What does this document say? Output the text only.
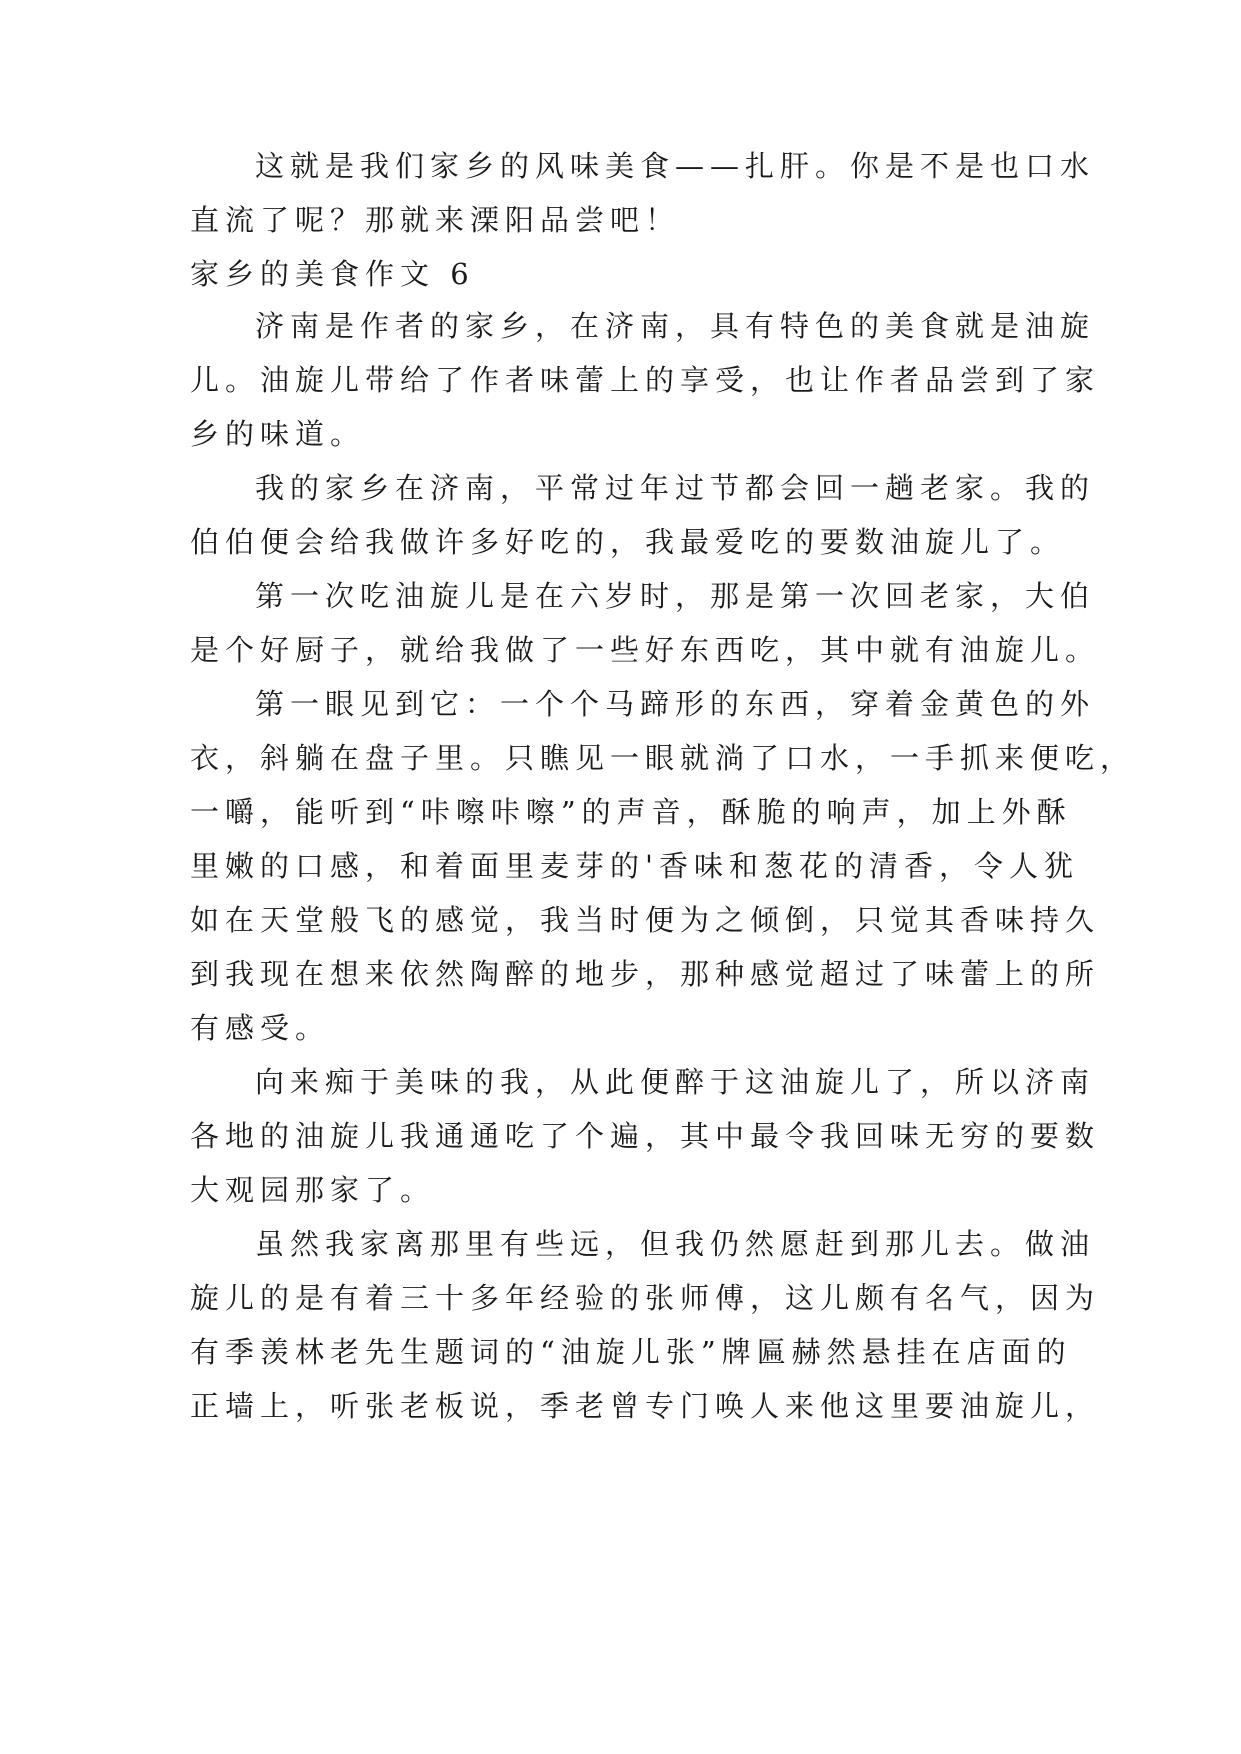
这就是我们家乡的风味美食——扎肝。你是不是也口水

直流了呢？那就来溧阳品尝吧！

家乡的美食作文 6

济南是作者的家乡，在济南，具有特色的美食就是油旋

儿。油旋儿带给了作者味蕾上的享受，也让作者品尝到了家

乡的味道。

我的家乡在济南，平常过年过节都会回一趟老家。我的

伯伯便会给我做许多好吃的，我最爱吃的要数油旋儿了。

第一次吃油旋儿是在六岁时，那是第一次回老家，大伯

是个好厨子，就给我做了一些好东西吃，其中就有油旋儿。

第一眼见到它：一个个马蹄形的东西，穿着金黄色的外

衣，斜躺在盘子里。只瞧见一眼就淌了口水，一手抓来便吃，

一嚼，能听到“咔嚓咔嚓”的声音，酥脆的响声，加上外酥

里嫩的口感，和着面里麦芽的'香味和葱花的清香，令人犹

如在天堂般飞的感觉，我当时便为之倾倒，只觉其香味持久

到我现在想来依然陶醉的地步，那种感觉超过了味蕾上的所

有感受。

向来痴于美味的我，从此便醉于这油旋儿了，所以济南

各地的油旋儿我通通吃了个遍，其中最令我回味无穷的要数

大观园那家了。

虽然我家离那里有些远，但我仍然愿赶到那儿去。做油

旋儿的是有着三十多年经验的张师傅，这儿颇有名气，因为

有季羡林老先生题词的“油旋儿张”牌匾赫然悬挂在店面的

正墙上，听张老板说，季老曾专门唤人来他这里要油旋儿，
